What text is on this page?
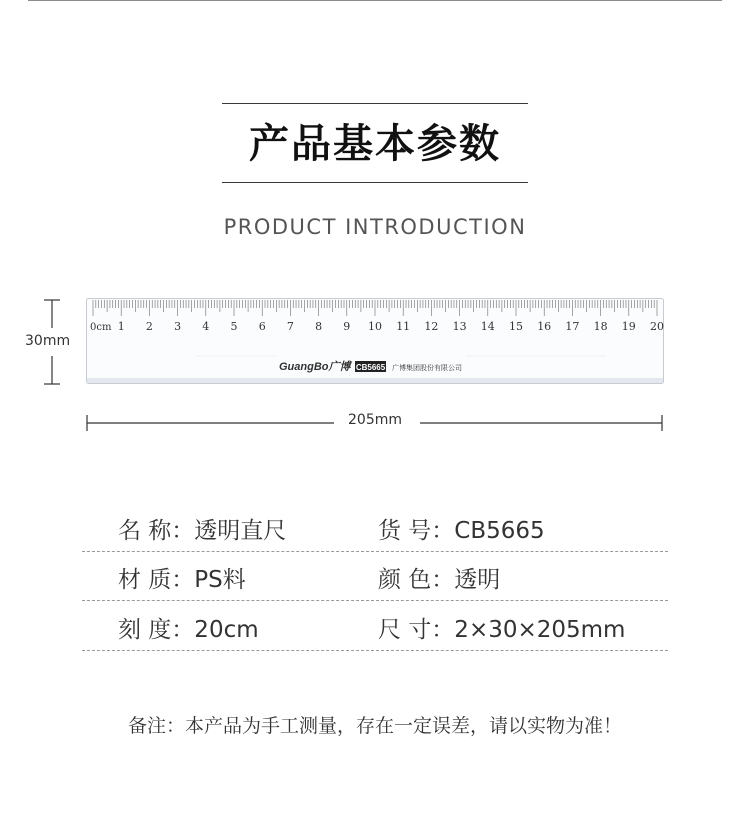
产品基本参数
PRODUCT INTRODUCTION
30mm
0cm 1 2 3 4 5 6 7 8 9 10 11 12 13 14 15 16 17 18 19 20
GuangBo广博 CB5665 广博集团股份有限公司
205mm
名 称：透明直尺	货 号：CB5665
材 质：PS料	颜 色：透明
刻 度：20cm	尺 寸：2×30×205mm
备注：本产品为手工测量，存在一定误差，请以实物为准！
